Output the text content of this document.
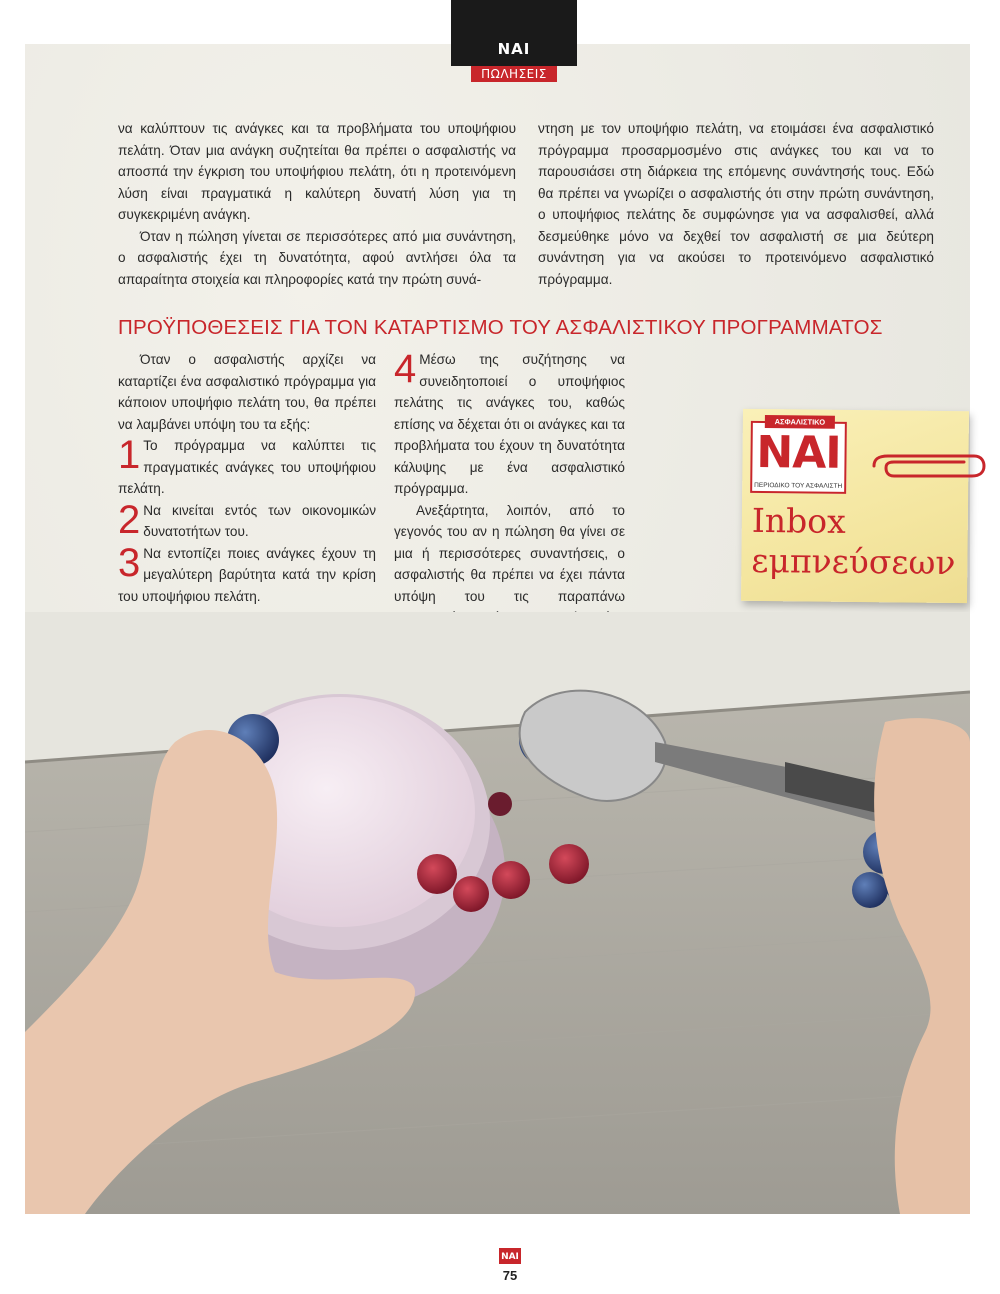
ΝΑΙ
ΠΩΛΗΣΕΙΣ

να καλύπτουν τις ανάγκες και τα προβλήματα του υποψήφιου πελάτη. Όταν μια ανάγκη συζητείται θα πρέπει ο ασφαλιστής να αποσπά την έγκριση του υποψήφιου πελάτη, ότι η προτεινόμενη λύση είναι πραγματικά η καλύτερη δυνατή λύση για τη συγκεκριμένη ανάγκη.

Όταν η πώληση γίνεται σε περισσότερες από μια συνάντηση, ο ασφαλιστής έχει τη δυνατότητα, αφού αντλήσει όλα τα απαραίτητα στοιχεία και πληροφορίες κατά την πρώτη συνά-

ντηση με τον υποψήφιο πελάτη, να ετοιμάσει ένα ασφαλιστικό πρόγραμμα προσαρμοσμένο στις ανάγκες του και να το παρουσιάσει στη διάρκεια της επόμενης συνάντησής τους. Εδώ θα πρέπει να γνωρίζει ο ασφαλιστής ότι στην πρώτη συνάντηση, ο υποψήφιος πελάτης δε συμφώνησε για να ασφαλισθεί, αλλά δεσμεύθηκε μόνο να δεχθεί τον ασφαλιστή σε μια δεύτερη συνάντηση για να ακούσει το προτεινόμενο ασφαλιστικό πρόγραμμα.

ΠΡΟΫΠΟΘΕΣΕΙΣ ΓΙΑ ΤΟΝ ΚΑΤΑΡΤΙΣΜΟ ΤΟΥ ΑΣΦΑΛΙΣΤΙΚΟΥ ΠΡΟΓΡΑΜΜΑΤΟΣ

Όταν ο ασφαλιστής αρχίζει να καταρτίζει ένα ασφαλιστικό πρόγραμμα για κάποιον υποψήφιο πελάτη του, θα πρέπει να λαμβάνει υπόψη του τα εξής:

1 Το πρόγραμμα να καλύπτει τις πραγματικές ανάγκες του υποψήφιου πελάτη.
2 Να κινείται εντός των οικονομικών δυνατοτήτων του.
3 Να εντοπίζει ποιες ανάγκες έχουν τη μεγαλύτερη βαρύτητα κατά την κρίση του υποψήφιου πελάτη.
4 Μέσω της συζήτησης να συνειδητοποιεί ο υποψήφιος πελάτης τις ανάγκες του, καθώς επίσης να δέχεται ότι οι ανάγκες και τα προβλήματα του έχουν τη δυνατότητα κάλυψης με ένα ασφαλιστικό πρόγραμμα.

Ανεξάρτητα, λοιπόν, από το γεγονός του αν η πώληση θα γίνει σε μια ή περισσότερες συναντήσεις, ο ασφαλιστής θα πρέπει να έχει πάντα υπόψη του τις παραπάνω

ΑΣΦΑΛΙΣΤΙΚΟ
ΝΑΙ
ΠΕΡΙΟΔΙΚΟ ΤΟΥ ΑΣΦΑΛΙΣΤΗ
Inbox
εμπνεύσεων
ΝΑΙ
75
